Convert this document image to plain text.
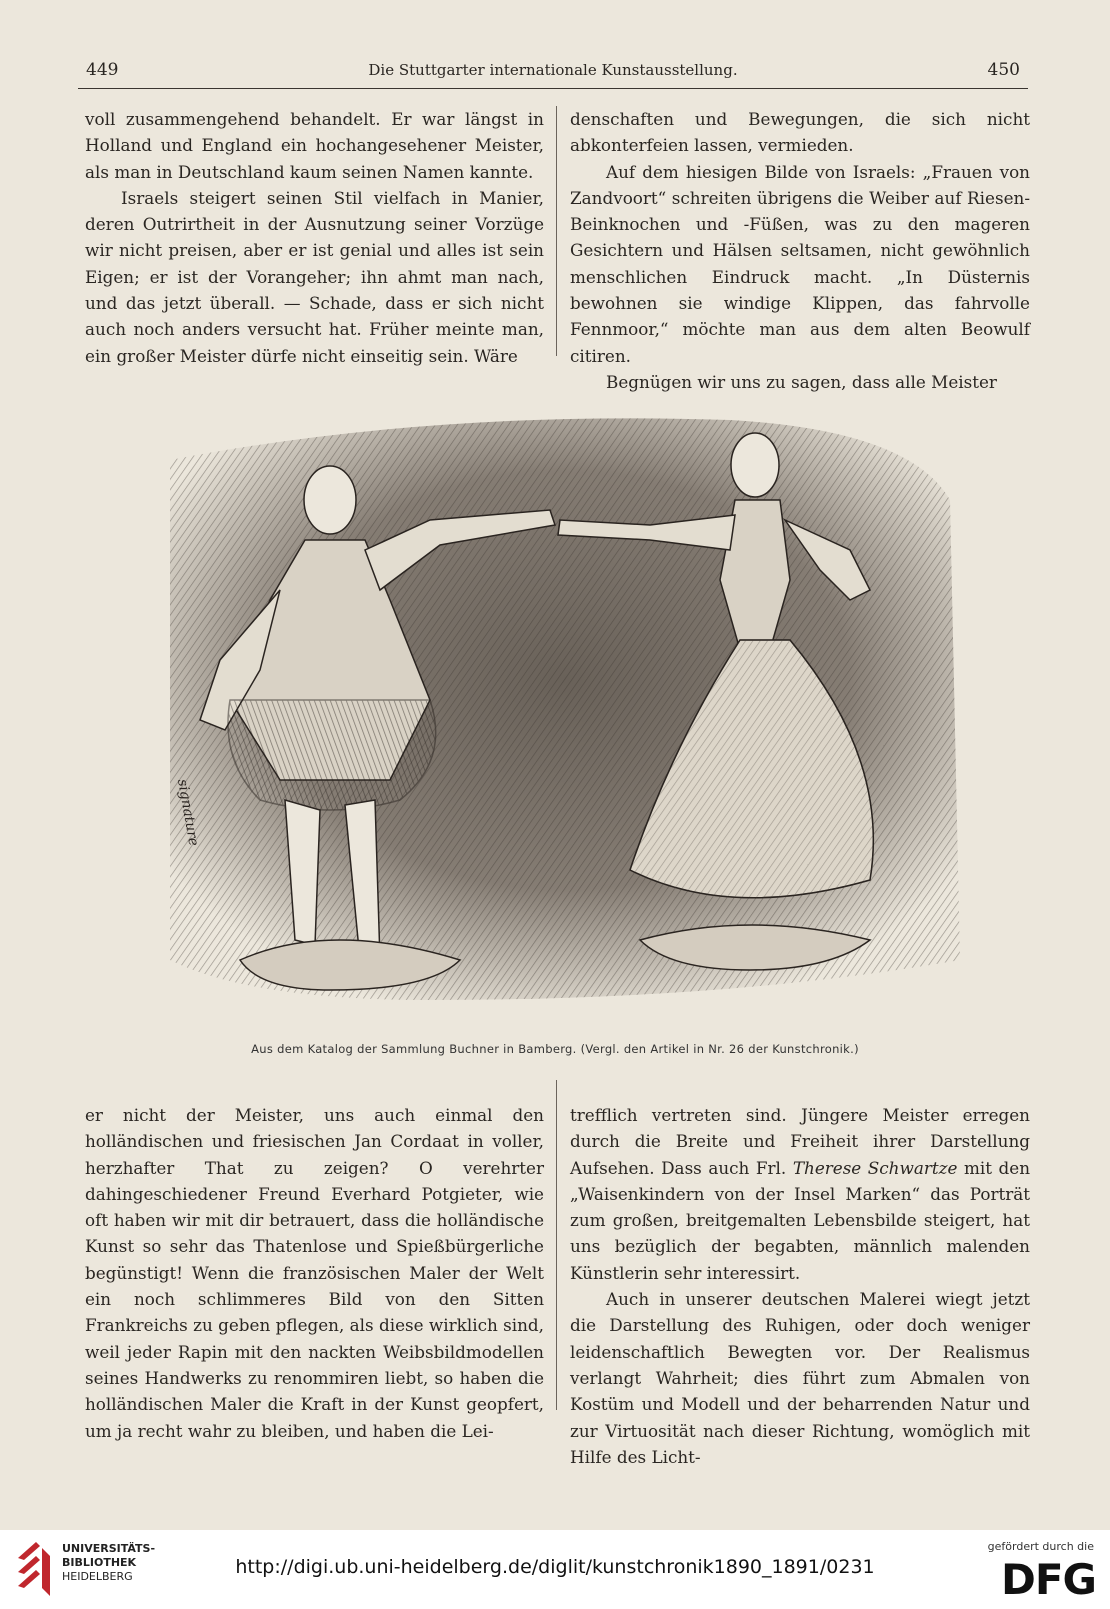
449	Die Stuttgarter internationale Kunstausstellung.	450

voll zusammengehend behandelt. Er war längst in Holland und England ein hochangesehener Meister, als man in Deutschland kaum seinen Namen kannte.

Israels steigert seinen Stil vielfach in Manier, deren Outrirtheit in der Ausnutzung seiner Vorzüge wir nicht preisen, aber er ist genial und alles ist sein Eigen; er ist der Vorangeher; ihn ahmt man nach, und das jetzt überall. — Schade, dass er sich nicht auch noch anders versucht hat. Früher meinte man, ein großer Meister dürfe nicht einseitig sein. Wäre

denschaften und Bewegungen, die sich nicht abkonterfeien lassen, vermieden.

Auf dem hiesigen Bilde von Israels: „Frauen von Zandvoort“ schreiten übrigens die Weiber auf Riesen-Beinknochen und -Füßen, was zu den mageren Gesichtern und Hälsen seltsamen, nicht gewöhnlich menschlichen Eindruck macht. „In Düsternis bewohnen sie windige Klippen, das fahrvolle Fennmoor,“ möchte man aus dem alten Beowulf citiren.

Begnügen wir uns zu sagen, dass alle Meister

signature
Aus dem Katalog der Sammlung Buchner in Bamberg. (Vergl. den Artikel in Nr. 26 der Kunstchronik.)

er nicht der Meister, uns auch einmal den holländischen und friesischen Jan Cordaat in voller, herzhafter That zu zeigen? O verehrter dahingeschiedener Freund Everhard Potgieter, wie oft haben wir mit dir betrauert, dass die holländische Kunst so sehr das Thatenlose und Spießbürgerliche begünstigt! Wenn die französischen Maler der Welt ein noch schlimmeres Bild von den Sitten Frankreichs zu geben pflegen, als diese wirklich sind, weil jeder Rapin mit den nackten Weibsbildmodellen seines Handwerks zu renommiren liebt, so haben die holländischen Maler die Kraft in der Kunst geopfert, um ja recht wahr zu bleiben, und haben die Lei-

trefflich vertreten sind. Jüngere Meister erregen durch die Breite und Freiheit ihrer Darstellung Aufsehen. Dass auch Frl. Therese Schwartze mit den „Waisenkindern von der Insel Marken“ das Porträt zum großen, breitgemalten Lebensbilde steigert, hat uns bezüglich der begabten, männlich malenden Künstlerin sehr interessirt.

Auch in unserer deutschen Malerei wiegt jetzt die Darstellung des Ruhigen, oder doch weniger leidenschaftlich Bewegten vor. Der Realismus verlangt Wahrheit; dies führt zum Abmalen von Kostüm und Modell und der beharrenden Natur und zur Virtuosität nach dieser Richtung, womöglich mit Hilfe des Licht-

UNIVERSITÄTS-
BIBLIOTHEK
HEIDELBERG	http://digi.ub.uni-heidelberg.de/diglit/kunstchronik1890_1891/0231
gefördert durch die
DFG
